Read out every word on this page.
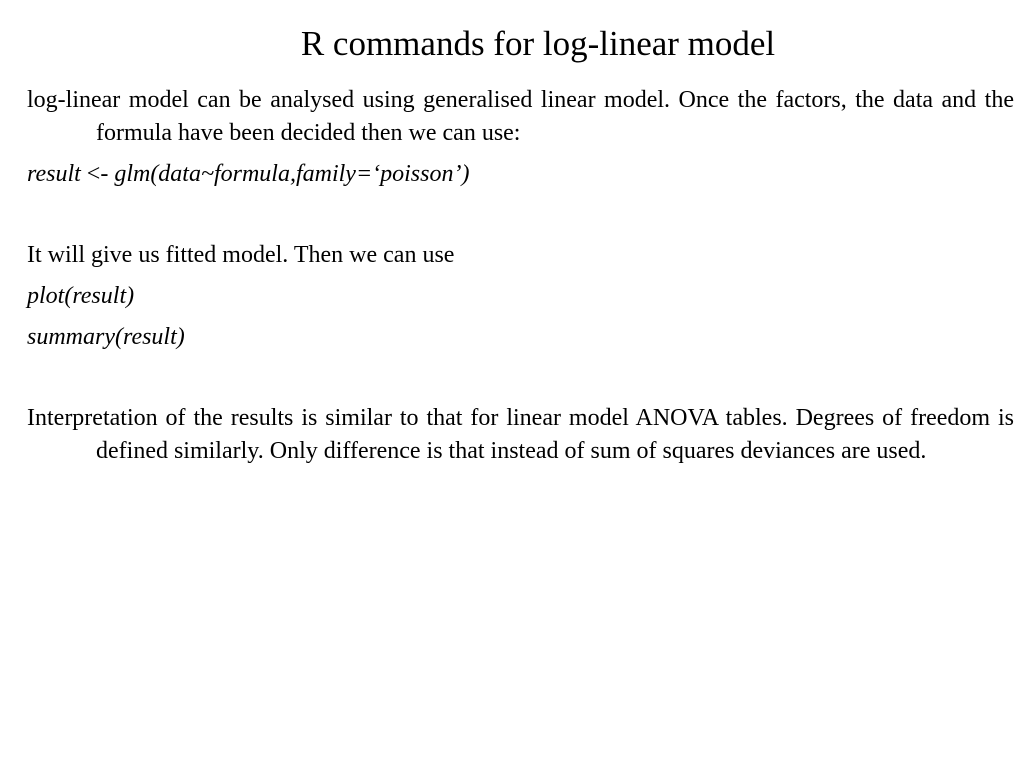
R commands for log-linear model

log-linear model can be analysed using generalised linear model. Once the factors, the data and the formula have been decided then we can use:

result <- glm(data~formula,family=‘poisson’)

It will give us fitted model. Then we can use

plot(result)

summary(result)

Interpretation of the results is similar to that for linear model ANOVA tables. Degrees of freedom is defined similarly. Only difference is that instead of sum of squares deviances are used.
